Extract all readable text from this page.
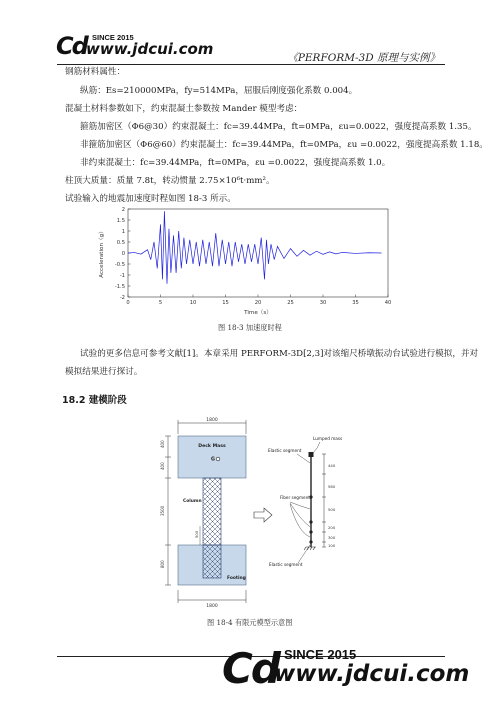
Cd SINCE 2015
www.jdcui.com	《PERFORM-3D 原理与实例》
钢筋材料属性：
纵筋：Es=210000MPa，fy=514MPa，屈服后刚度强化系数 0.004。
混凝土材料参数如下，约束混凝土参数按 Mander 模型考虑：
箍筋加密区（Φ6@30）约束混凝土：fc=39.44MPa，ft=0MPa，εu=0.0022，强度提高系数 1.35。
非箍筋加密区（Φ6@60）约束混凝土：fc=39.44MPa，ft=0MPa，εu =0.0022，强度提高系数 1.18。
非约束混凝土：fc=39.44MPa，ft=0MPa，εu =0.0022，强度提高系数 1.0。
柱顶大质量：质量 7.8t，转动惯量 2.75×10⁶t·mm²。
试验输入的地震加速度时程如图 18-3 所示。
0	5	10	15	20	25	30	35	40
2
1.5
1
0.5
0
-0.5
-1
-1.5
-2
Time（s）
Acceleration（g）
图 18-3 加速度时程
试验的更多信息可参考文献[1]。本章采用 PERFORM-3D[2,3]对该缩尺桥墩振动台试验进行模拟，并对
模拟结果进行探讨。
18.2 建模阶段
1800
Deck Mass
G
Column
Footing
500
400
400
3500
800
1800
440
560
500
200
300
100
Lumped mass
Elastic segment
Fiber segments
Elastic segment
图 18-4 有限元模型示意图
Cd SINCE 2015
www.jdcui.com
